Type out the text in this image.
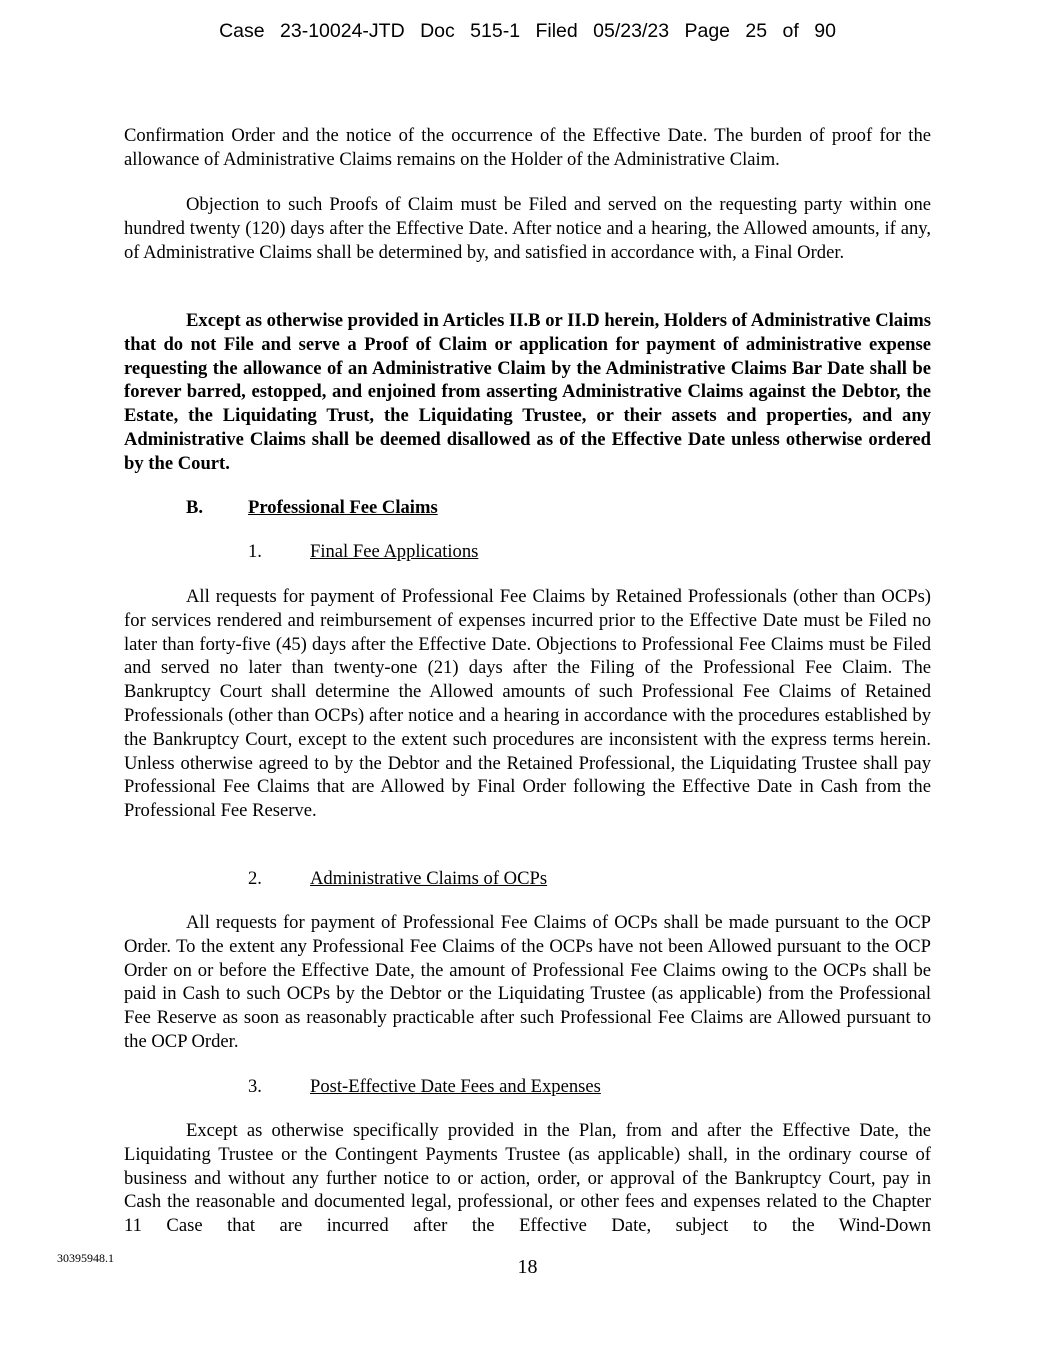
Case 23-10024-JTD Doc 515-1 Filed 05/23/23 Page 25 of 90

Confirmation Order and the notice of the occurrence of the Effective Date. The burden of proof for the allowance of Administrative Claims remains on the Holder of the Administrative Claim.

Objection to such Proofs of Claim must be Filed and served on the requesting party within one hundred twenty (120) days after the Effective Date. After notice and a hearing, the Allowed amounts, if any, of Administrative Claims shall be determined by, and satisfied in accordance with, a Final Order.

Except as otherwise provided in Articles II.B or II.D herein, Holders of Administrative Claims that do not File and serve a Proof of Claim or application for payment of administrative expense requesting the allowance of an Administrative Claim by the Administrative Claims Bar Date shall be forever barred, estopped, and enjoined from asserting Administrative Claims against the Debtor, the Estate, the Liquidating Trust, the Liquidating Trustee, or their assets and properties, and any Administrative Claims shall be deemed disallowed as of the Effective Date unless otherwise ordered by the Court.

B. Professional Fee Claims
1.	Final Fee Applications

All requests for payment of Professional Fee Claims by Retained Professionals (other than OCPs) for services rendered and reimbursement of expenses incurred prior to the Effective Date must be Filed no later than forty-five (45) days after the Effective Date. Objections to Professional Fee Claims must be Filed and served no later than twenty-one (21) days after the Filing of the Professional Fee Claim. The Bankruptcy Court shall determine the Allowed amounts of such Professional Fee Claims of Retained Professionals (other than OCPs) after notice and a hearing in accordance with the procedures established by the Bankruptcy Court, except to the extent such procedures are inconsistent with the express terms herein. Unless otherwise agreed to by the Debtor and the Retained Professional, the Liquidating Trustee shall pay Professional Fee Claims that are Allowed by Final Order following the Effective Date in Cash from the Professional Fee Reserve.

2.	Administrative Claims of OCPs

All requests for payment of Professional Fee Claims of OCPs shall be made pursuant to the OCP Order. To the extent any Professional Fee Claims of the OCPs have not been Allowed pursuant to the OCP Order on or before the Effective Date, the amount of Professional Fee Claims owing to the OCPs shall be paid in Cash to such OCPs by the Debtor or the Liquidating Trustee (as applicable) from the Professional Fee Reserve as soon as reasonably practicable after such Professional Fee Claims are Allowed pursuant to the OCP Order.

3.	Post-Effective Date Fees and Expenses

Except as otherwise specifically provided in the Plan, from and after the Effective Date, the Liquidating Trustee or the Contingent Payments Trustee (as applicable) shall, in the ordinary course of business and without any further notice to or action, order, or approval of the Bankruptcy Court, pay in Cash the reasonable and documented legal, professional, or other fees and expenses related to the Chapter 11 Case that are incurred after the Effective Date, subject to the Wind-Down

30395948.1	18
